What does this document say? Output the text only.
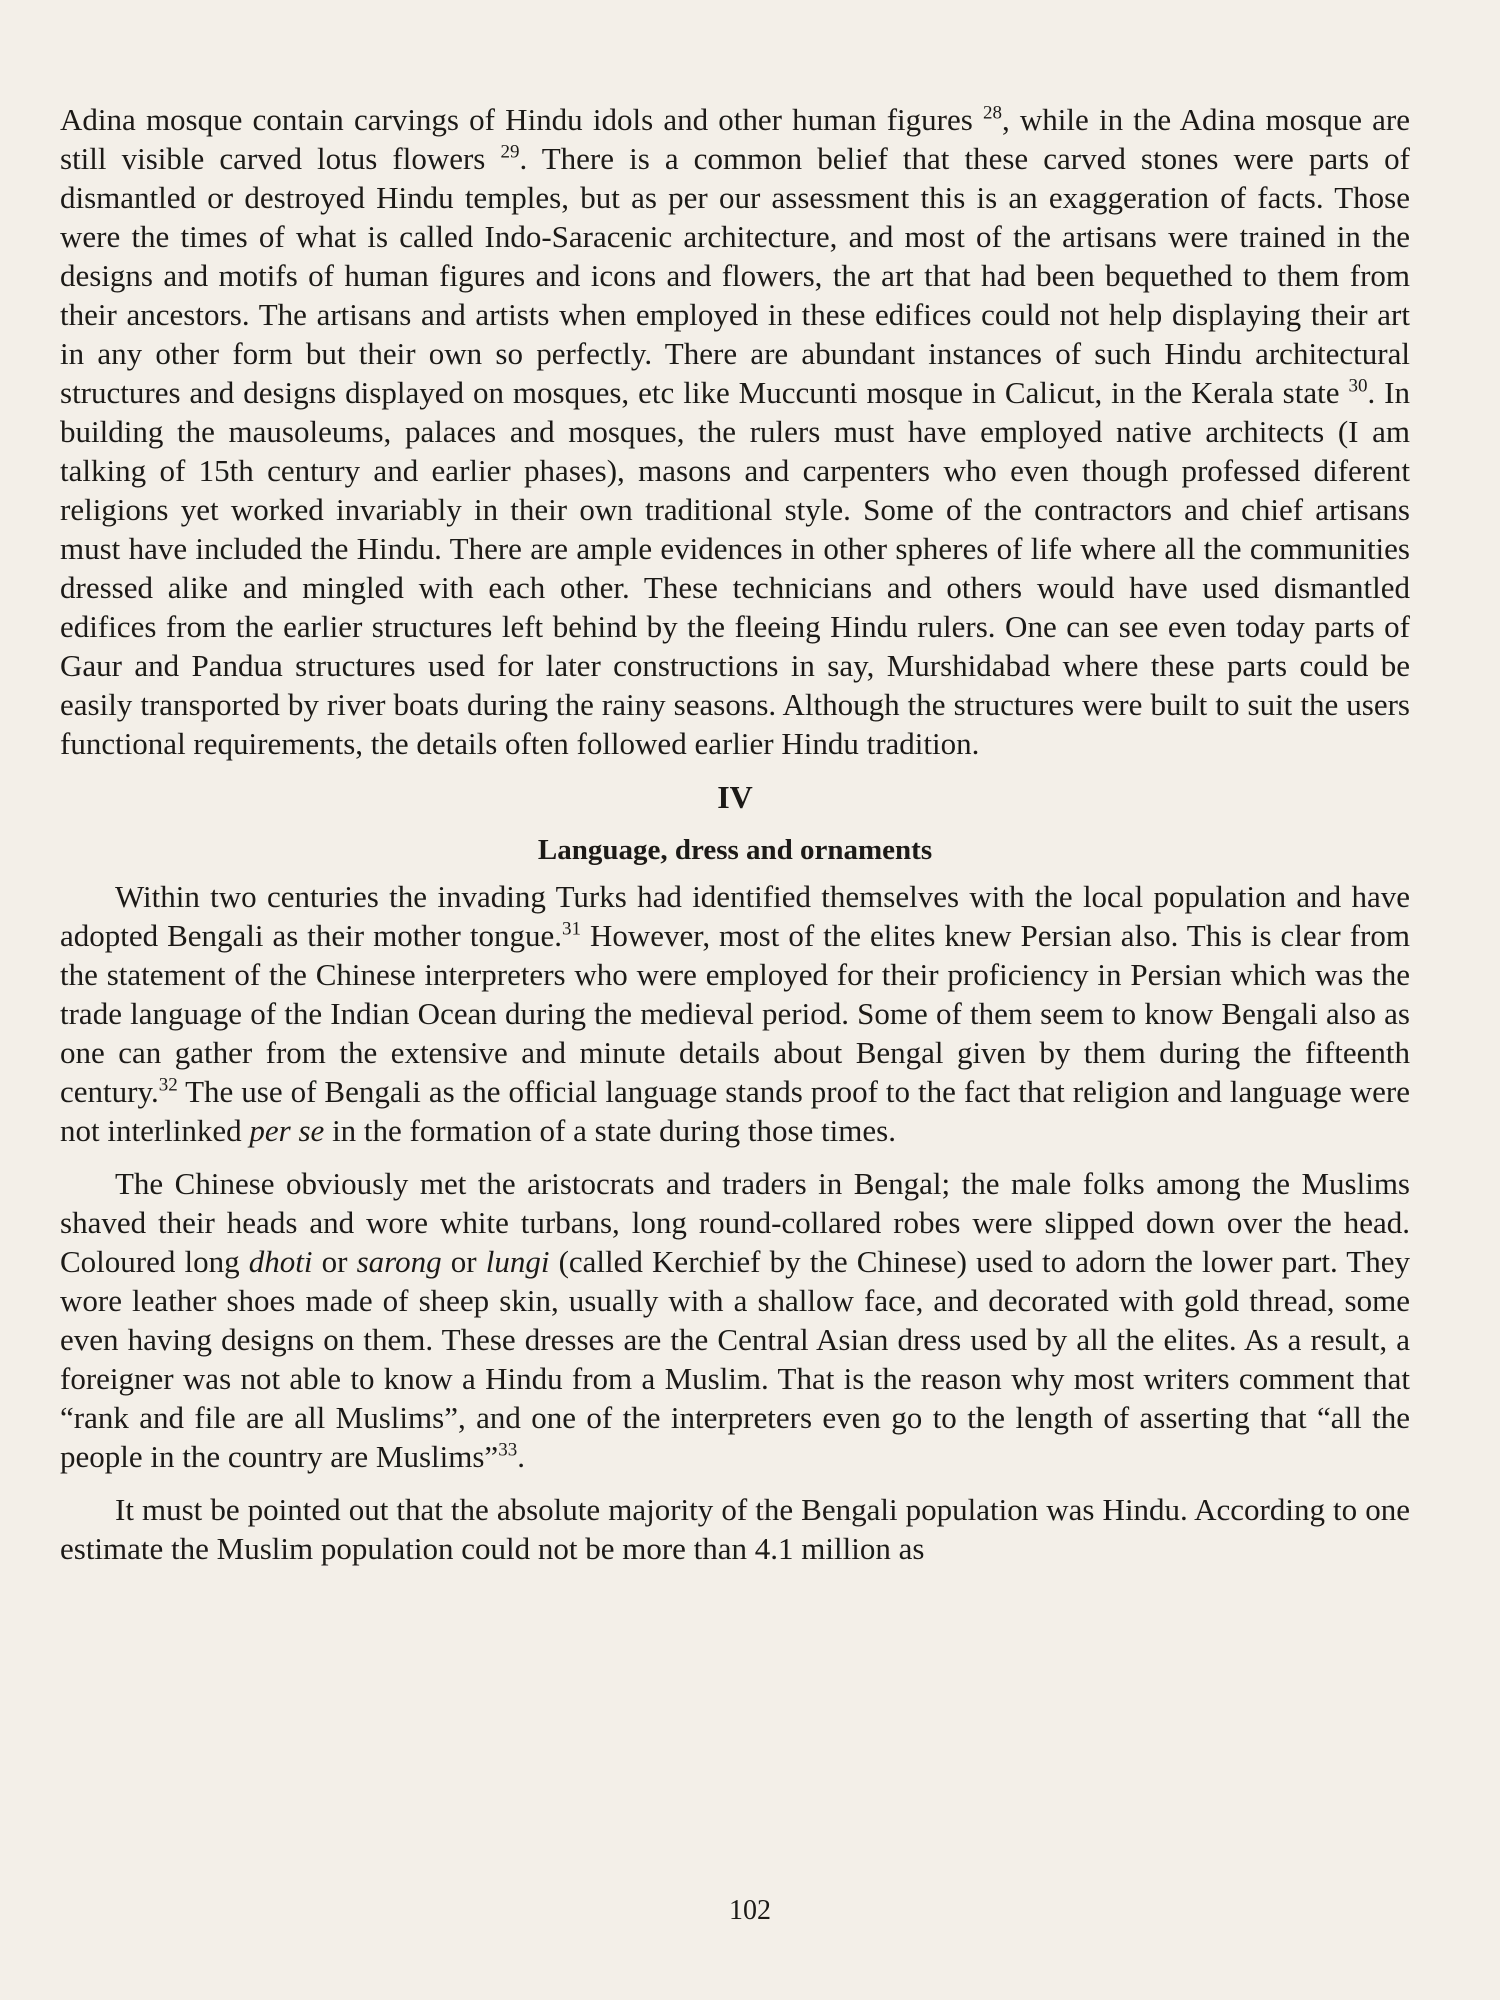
Adina mosque contain carvings of Hindu idols and other human figures $^{28}$, while in the Adina mosque are still visible carved lotus flowers $^{29}$. There is a common belief that these carved stones were parts of dismantled or destroyed Hindu temples, but as per our assessment this is an exaggeration of facts. Those were the times of what is called Indo-Saracenic architecture, and most of the artisans were trained in the designs and motifs of human figures and icons and flowers, the art that had been bequethed to them from their ancestors. The artisans and artists when employed in these edifices could not help displaying their art in any other form but their own so perfectly. There are abundant instances of such Hindu architectural structures and designs displayed on mosques, etc like Muccunti mosque in Calicut, in the Kerala state $^{30}$. In building the mausoleums, palaces and mosques, the rulers must have employed native architects (I am talking of 15th century and earlier phases), masons and carpenters who even though professed diferent religions yet worked invariably in their own traditional style. Some of the contractors and chief artisans must have included the Hindu. There are ample evidences in other spheres of life where all the communities dressed alike and mingled with each other. These technicians and others would have used dismantled edifices from the earlier structures left behind by the fleeing Hindu rulers. One can see even today parts of Gaur and Pandua structures used for later constructions in say, Murshidabad where these parts could be easily transported by river boats during the rainy seasons. Although the structures were built to suit the users functional requirements, the details often followed earlier Hindu tradition.

IV
Language, dress and ornaments

Within two centuries the invading Turks had identified themselves with the local population and have adopted Bengali as their mother tongue.$^{31}$ However, most of the elites knew Persian also. This is clear from the statement of the Chinese interpreters who were employed for their proficiency in Persian which was the trade language of the Indian Ocean during the medieval period. Some of them seem to know Bengali also as one can gather from the extensive and minute details about Bengal given by them during the fifteenth century.$^{32}$ The use of Bengali as the official language stands proof to the fact that religion and language were not interlinked per se in the formation of a state during those times.

The Chinese obviously met the aristocrats and traders in Bengal; the male folks among the Muslims shaved their heads and wore white turbans, long round-collared robes were slipped down over the head. Coloured long dhoti or sarong or lungi (called Kerchief by the Chinese) used to adorn the lower part. They wore leather shoes made of sheep skin, usually with a shallow face, and decorated with gold thread, some even having designs on them. These dresses are the Central Asian dress used by all the elites. As a result, a foreigner was not able to know a Hindu from a Muslim. That is the reason why most writers comment that “rank and file are all Muslims”, and one of the interpreters even go to the length of asserting that “all the people in the country are Muslims”$^{33}$.

It must be pointed out that the absolute majority of the Bengali population was Hindu. According to one estimate the Muslim population could not be more than 4.1 million as

102
